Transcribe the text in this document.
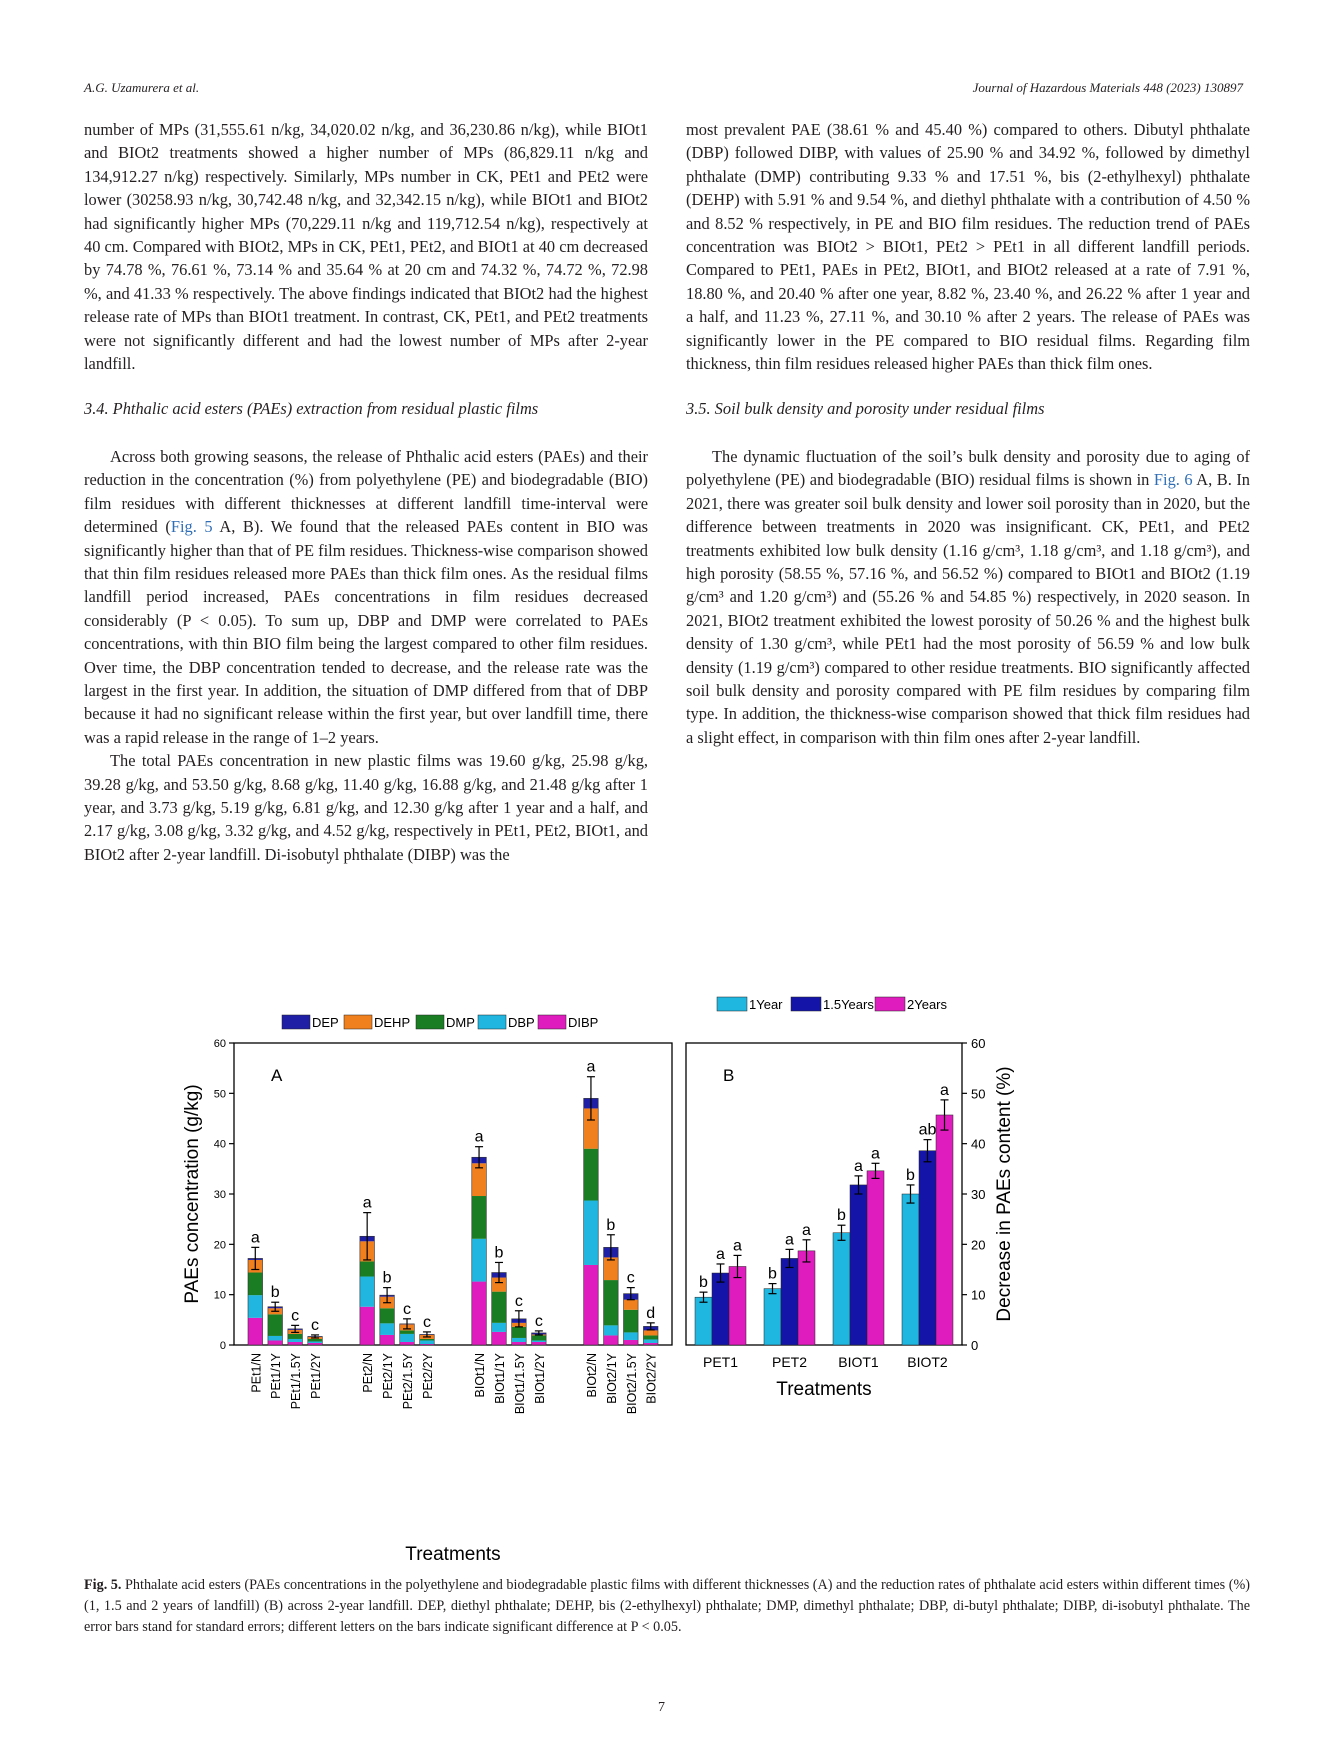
A.G. Uzamurera et al.	Journal of Hazardous Materials 448 (2023) 130897

number of MPs (31,555.61 n/kg, 34,020.02 n/kg, and 36,230.86 n/kg), while BIOt1 and BIOt2 treatments showed a higher number of MPs (86,829.11 n/kg and 134,912.27 n/kg) respectively. Similarly, MPs number in CK, PEt1 and PEt2 were lower (30258.93 n/kg, 30,742.48 n/kg, and 32,342.15 n/kg), while BIOt1 and BIOt2 had significantly higher MPs (70,229.11 n/kg and 119,712.54 n/kg), respectively at 40 cm. Compared with BIOt2, MPs in CK, PEt1, PEt2, and BIOt1 at 40 cm decreased by 74.78 %, 76.61 %, 73.14 % and 35.64 % at 20 cm and 74.32 %, 74.72 %, 72.98 %, and 41.33 % respectively. The above findings indicated that BIOt2 had the highest release rate of MPs than BIOt1 treatment. In contrast, CK, PEt1, and PEt2 treatments were not significantly different and had the lowest number of MPs after 2-year landfill.

3.4. Phthalic acid esters (PAEs) extraction from residual plastic films

Across both growing seasons, the release of Phthalic acid esters (PAEs) and their reduction in the concentration (%) from polyethylene (PE) and biodegradable (BIO) film residues with different thicknesses at different landfill time-interval were determined (Fig. 5 A, B). We found that the released PAEs content in BIO was significantly higher than that of PE film residues. Thickness-wise comparison showed that thin film residues released more PAEs than thick film ones. As the residual films landfill period increased, PAEs concentrations in film residues decreased considerably (P < 0.05). To sum up, DBP and DMP were correlated to PAEs concentrations, with thin BIO film being the largest compared to other film residues. Over time, the DBP concentration tended to decrease, and the release rate was the largest in the first year. In addition, the situation of DMP differed from that of DBP because it had no significant release within the first year, but over landfill time, there was a rapid release in the range of 1–2 years.

The total PAEs concentration in new plastic films was 19.60 g/kg, 25.98 g/kg, 39.28 g/kg, and 53.50 g/kg, 8.68 g/kg, 11.40 g/kg, 16.88 g/kg, and 21.48 g/kg after 1 year, and 3.73 g/kg, 5.19 g/kg, 6.81 g/kg, and 12.30 g/kg after 1 year and a half, and 2.17 g/kg, 3.08 g/kg, 3.32 g/kg, and 4.52 g/kg, respectively in PEt1, PEt2, BIOt1, and BIOt2 after 2-year landfill. Di-isobutyl phthalate (DIBP) was the

most prevalent PAE (38.61 % and 45.40 %) compared to others. Dibutyl phthalate (DBP) followed DIBP, with values of 25.90 % and 34.92 %, followed by dimethyl phthalate (DMP) contributing 9.33 % and 17.51 %, bis (2-ethylhexyl) phthalate (DEHP) with 5.91 % and 9.54 %, and diethyl phthalate with a contribution of 4.50 % and 8.52 % respectively, in PE and BIO film residues. The reduction trend of PAEs concentration was BIOt2 > BIOt1, PEt2 > PEt1 in all different landfill periods. Compared to PEt1, PAEs in PEt2, BIOt1, and BIOt2 released at a rate of 7.91 %, 18.80 %, and 20.40 % after one year, 8.82 %, 23.40 %, and 26.22 % after 1 year and a half, and 11.23 %, 27.11 %, and 30.10 % after 2 years. The release of PAEs was significantly lower in the PE compared to BIO residual films. Regarding film thickness, thin film residues released higher PAEs than thick film ones.

3.5. Soil bulk density and porosity under residual films

The dynamic fluctuation of the soil’s bulk density and porosity due to aging of polyethylene (PE) and biodegradable (BIO) residual films is shown in Fig. 6 A, B. In 2021, there was greater soil bulk density and lower soil porosity than in 2020, but the difference between treatments in 2020 was insignificant. CK, PEt1, and PEt2 treatments exhibited low bulk density (1.16 g/cm³, 1.18 g/cm³, and 1.18 g/cm³), and high porosity (58.55 %, 57.16 %, and 56.52 %) compared to BIOt1 and BIOt2 (1.19 g/cm³ and 1.20 g/cm³) and (55.26 % and 54.85 %) respectively, in 2020 season. In 2021, BIOt2 treatment exhibited the lowest porosity of 50.26 % and the highest bulk density of 1.30 g/cm³, while PEt1 had the most porosity of 56.59 % and low bulk density (1.19 g/cm³) compared to other residue treatments. BIO significantly affected soil bulk density and porosity compared with PE film residues by comparing film type. In addition, the thickness-wise comparison showed that thick film residues had a slight effect, in comparison with thin film ones after 2-year landfill.

0
10
20
30
40
50
60
PAEs concentration (g/kg)
A
a
PEt1/N
b
PEt1/1Y
c
PEt1/1.5Y
c
PEt1/2Y
a
PEt2/N
b
PEt2/1Y
c
PEt2/1.5Y
c
PEt2/2Y
a
BIOt1/N
b
BIOt1/1Y
c
BIOt1/1.5Y
c
BIOt1/2Y
a
BIOt2/N
b
BIOt2/1Y
c
BIOt2/1.5Y
d
BIOt2/2Y
Treatments
DEP	DEHP	DMP	DBP	DIBP
0
10
20
30
40
50
60
Decrease in PAEs content (%)
B
b
a
a
PET1
b
a
a
PET2
b
a
a
BIOT1
b
ab
a
BIOT2
Treatments
1Year	1.5Years	2Years
Fig. 5. Phthalate acid esters (PAEs concentrations in the polyethylene and biodegradable plastic films with different thicknesses (A) and the reduction rates of phthalate acid esters within different times (%) (1, 1.5 and 2 years of landfill) (B) across 2-year landfill. DEP, diethyl phthalate; DEHP, bis (2-ethylhexyl) phthalate; DMP, dimethyl phthalate; DBP, di-butyl phthalate; DIBP, di-isobutyl phthalate. The error bars stand for standard errors; different letters on the bars indicate significant difference at P < 0.05.
7
